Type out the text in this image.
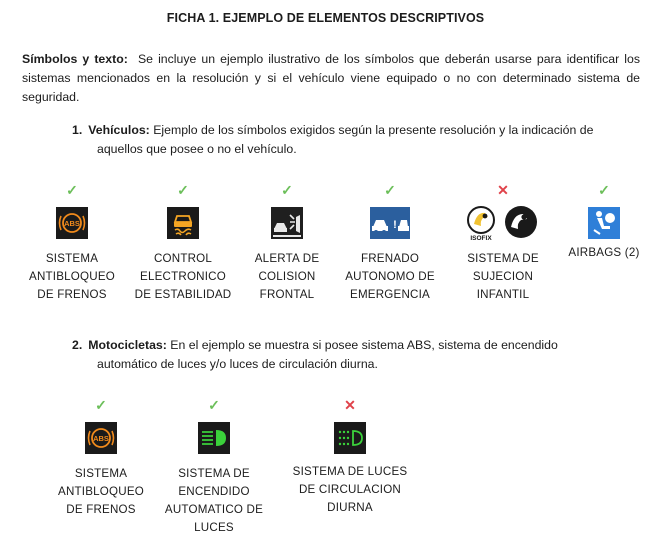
FICHA 1. EJEMPLO DE ELEMENTOS DESCRIPTIVOS
Símbolos y texto: Se incluye un ejemplo ilustrativo de los símbolos que deberán usarse para identificar los sistemas mencionados en la resolución y si el vehículo viene equipado o no con determinado sistema de seguridad.
1. Vehículos: Ejemplo de los símbolos exigidos según la presente resolución y la indicación de
aquellos que posee o no el vehículo.
✓
ABS
SISTEMA
ANTIBLOQUEO
DE FRENOS
✓
CONTROL
ELECTRONICO
DE ESTABILIDAD
✓
ALERTA DE
COLISION
FRONTAL
✓
!
FRENADO
AUTONOMO DE
EMERGENCIA
✕
ISOFIX
SISTEMA DE
SUJECION
INFANTIL
✓
AIRBAGS (2)
2. Motocicletas: En el ejemplo se muestra si posee sistema ABS, sistema de encendido
automático de luces y/o luces de circulación diurna.
✓
ABS
SISTEMA
ANTIBLOQUEO
DE FRENOS
✓
SISTEMA DE
ENCENDIDO
AUTOMATICO DE
LUCES
✕
SISTEMA DE LUCES
DE CIRCULACION
DIURNA
